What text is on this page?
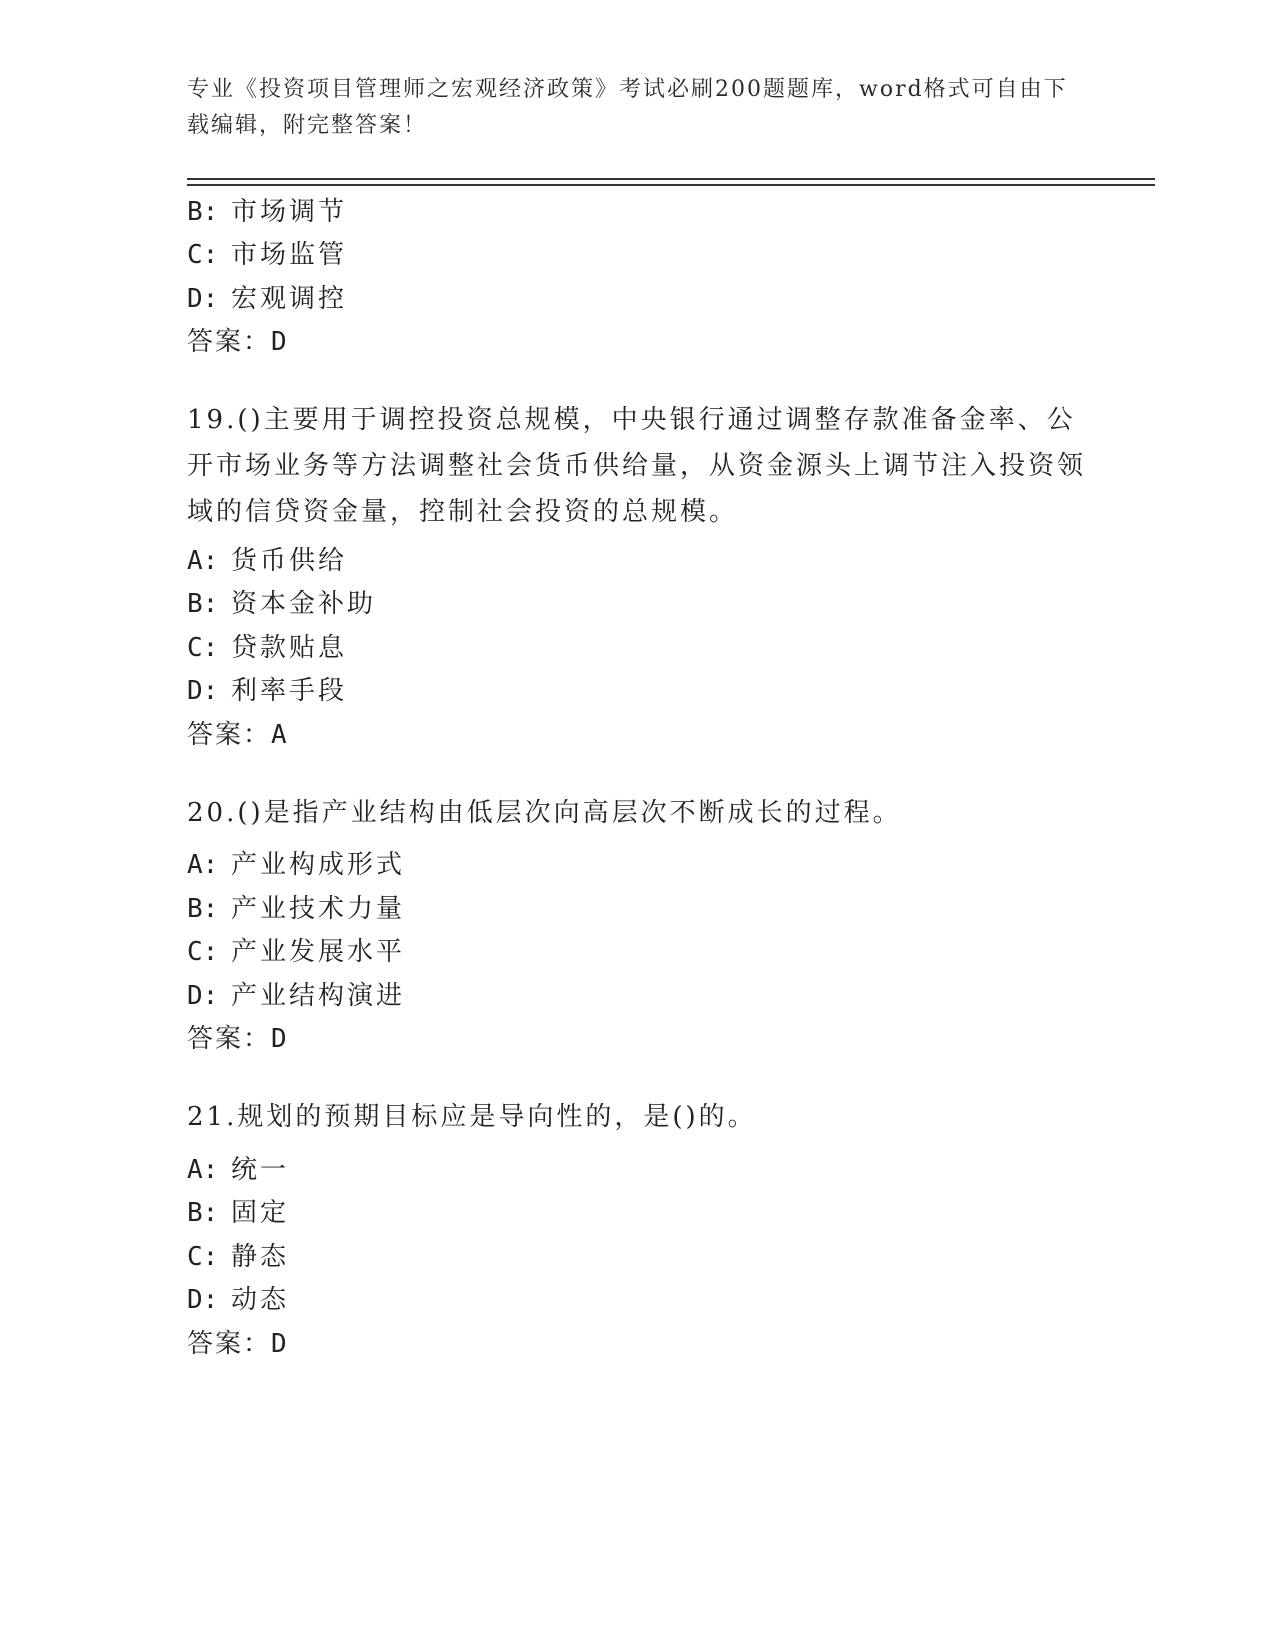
专业《投资项目管理师之宏观经济政策》考试必刷200题题库，word格式可自由下载编辑，附完整答案！
B: 市场调节
C: 市场监管
D: 宏观调控
答案：D
19.()主要用于调控投资总规模，中央银行通过调整存款准备金率、公开市场业务等方法调整社会货币供给量，从资金源头上调节注入投资领域的信贷资金量，控制社会投资的总规模。
A: 货币供给
B: 资本金补助
C: 贷款贴息
D: 利率手段
答案：A
20.()是指产业结构由低层次向高层次不断成长的过程。
A: 产业构成形式
B: 产业技术力量
C: 产业发展水平
D: 产业结构演进
答案：D
21.规划的预期目标应是导向性的，是()的。
A: 统一
B: 固定
C: 静态
D: 动态
答案：D
